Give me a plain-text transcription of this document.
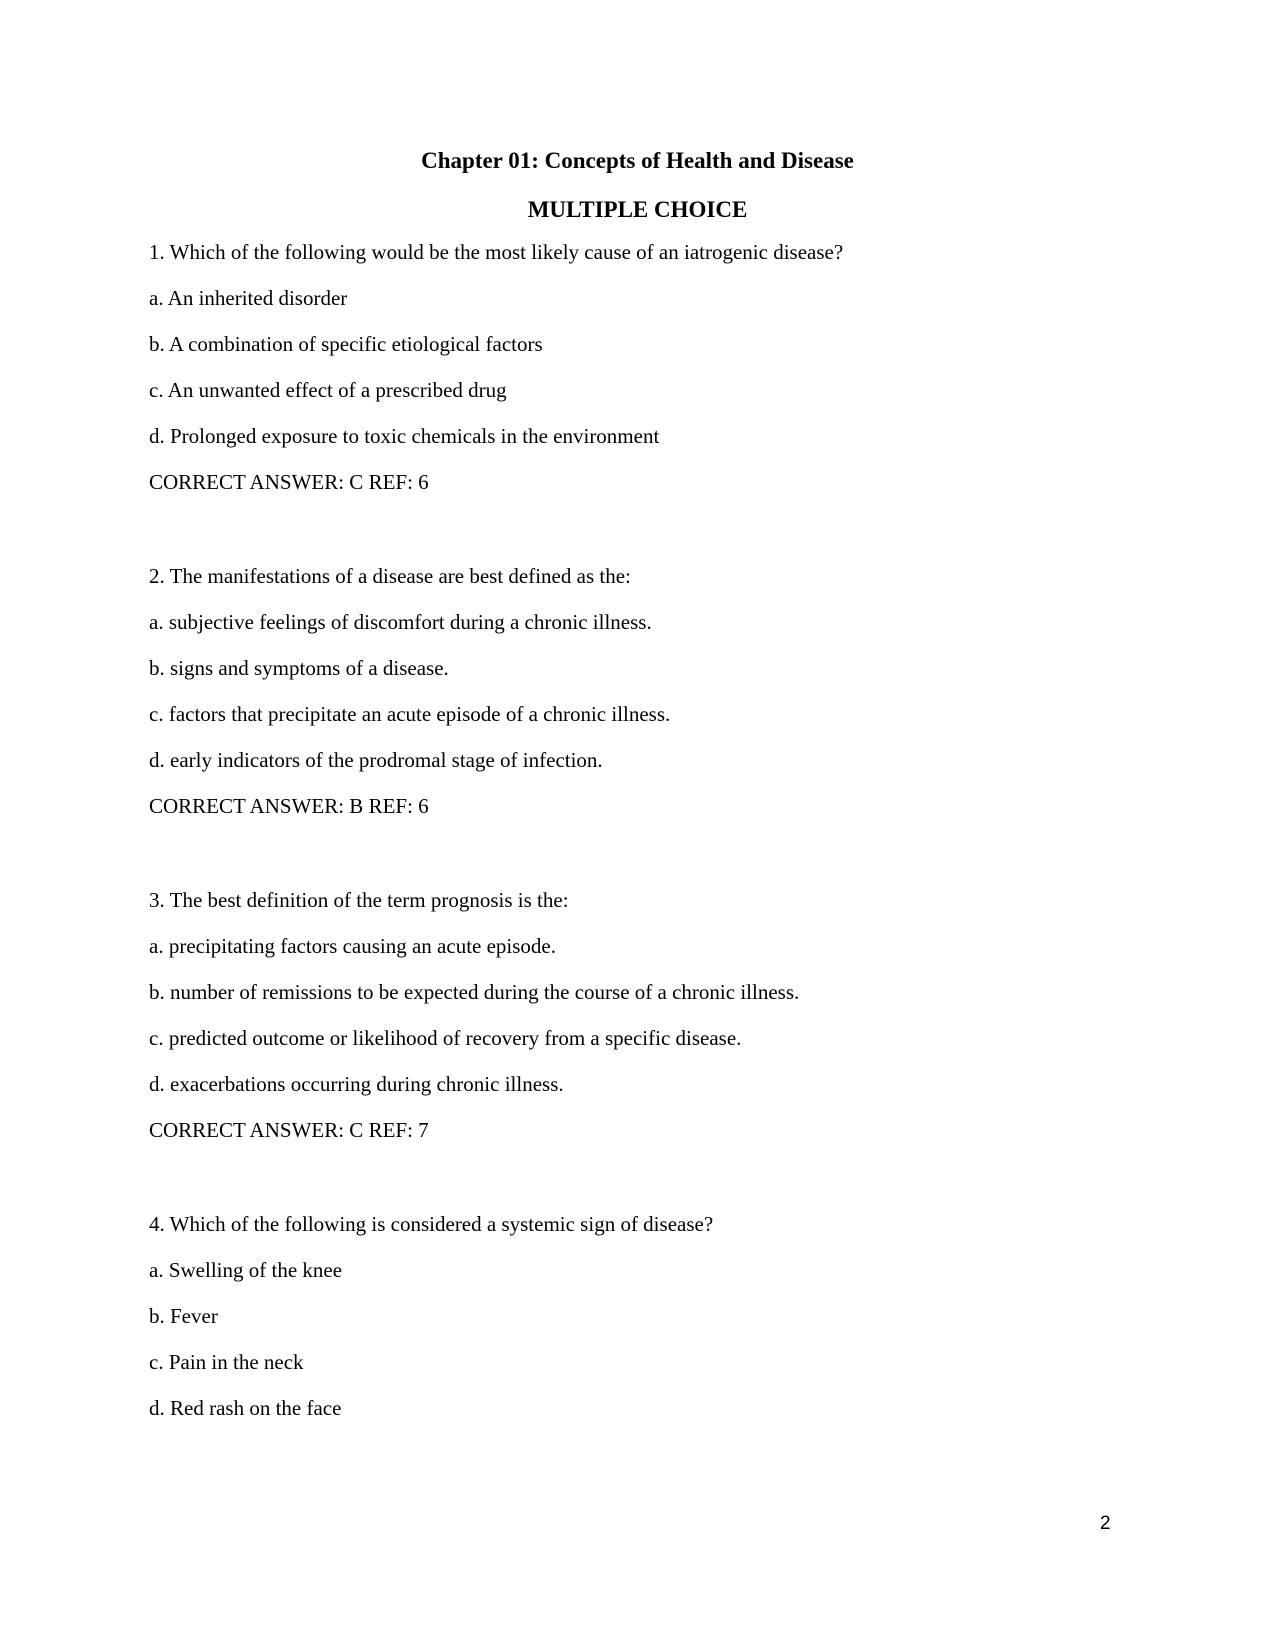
Chapter 01: Concepts of Health and Disease
MULTIPLE CHOICE
1. Which of the following would be the most likely cause of an iatrogenic disease?
a. An inherited disorder
b. A combination of specific etiological factors
c. An unwanted effect of a prescribed drug
d. Prolonged exposure to toxic chemicals in the environment
CORRECT ANSWER: C REF: 6
2. The manifestations of a disease are best defined as the:
a. subjective feelings of discomfort during a chronic illness.
b. signs and symptoms of a disease.
c. factors that precipitate an acute episode of a chronic illness.
d. early indicators of the prodromal stage of infection.
CORRECT ANSWER: B REF: 6
3. The best definition of the term prognosis is the:
a. precipitating factors causing an acute episode.
b. number of remissions to be expected during the course of a chronic illness.
c. predicted outcome or likelihood of recovery from a specific disease.
d. exacerbations occurring during chronic illness.
CORRECT ANSWER: C REF: 7
4. Which of the following is considered a systemic sign of disease?
a. Swelling of the knee
b. Fever
c. Pain in the neck
d. Red rash on the face
2
